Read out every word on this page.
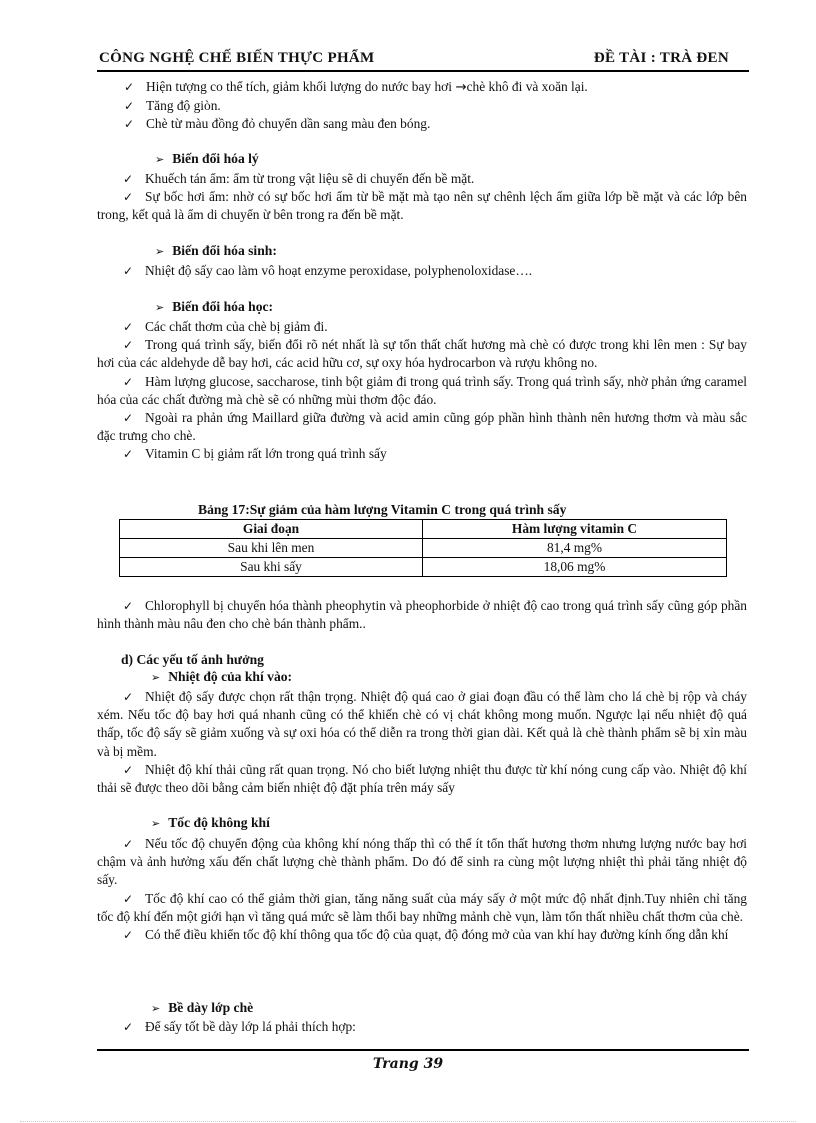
CÔNG NGHỆ CHẾ BIẾN THỰC PHẨM	ĐỀ TÀI : TRÀ ĐEN
✓ Hiện tượng co thể tích, giảm khối lượng do nước bay hơi →chè khô đi và xoăn lại.
✓ Tăng độ giòn.
✓ Chè từ màu đồng đỏ chuyển dần sang màu đen bóng.
➢ Biến đổi hóa lý
✓ Khuếch tán ẩm: ẩm từ trong vật liệu sẽ di chuyển đến bề mặt.
✓ Sự bốc hơi ẩm: nhờ có sự bốc hơi ẩm từ bề mặt mà tạo nên sự chênh lệch ẩm giữa lớp bề mặt và các lớp bên trong, kết quả là ẩm di chuyển ừ bên trong ra đến bề mặt.
➢ Biến đổi hóa sinh:
✓ Nhiệt độ sấy cao làm vô hoạt enzyme peroxidase, polyphenoloxidase….
➢ Biến đổi hóa học:
✓ Các chất thơm của chè bị giảm đi.
✓ Trong quá trình sấy, biến đổi rõ nét nhất là sự tổn thất chất hương mà chè có được trong khi lên men : Sự bay hơi của các aldehyde dễ bay hơi, các acid hữu cơ, sự oxy hóa hydrocarbon và rượu không no.
✓ Hàm lượng glucose, saccharose, tinh bột giảm đi trong quá trình sấy. Trong quá trình sấy, nhờ phản ứng caramel hóa của các chất đường mà chè sẽ có những mùi thơm độc đáo.
✓ Ngoài ra phản ứng Maillard giữa đường và acid amin cũng góp phần hình thành nên hương thơm và màu sắc đặc trưng cho chè.
✓ Vitamin C bị giảm rất lớn trong quá trình sấy
Bảng 17:Sự giảm của hàm lượng Vitamin C trong quá trình sấy
Giai đoạn	Hàm lượng vitamin C
Sau khi lên men	81,4 mg%
Sau khi sấy	18,06 mg%
✓ Chlorophyll bị chuyển hóa thành pheophytin và pheophorbide ở nhiệt độ cao trong quá trình sấy cũng góp phần hình thành màu nâu đen cho chè bán thành phẩm..
d) Các yếu tố ảnh hưởng
➢ Nhiệt độ của khí vào:
✓ Nhiệt độ sấy được chọn rất thận trọng. Nhiệt độ quá cao ở giai đoạn đầu có thể làm cho lá chè bị rộp và cháy xém. Nếu tốc độ bay hơi quá nhanh cũng có thể khiến chè có vị chát không mong muốn. Ngược lại nếu nhiệt độ quá thấp, tốc độ sấy sẽ giảm xuống và sự oxi hóa có thể diễn ra trong thời gian dài. Kết quả là chè thành phẩm sẽ bị xỉn màu và bị mềm.
✓ Nhiệt độ khí thải cũng rất quan trọng. Nó cho biết lượng nhiệt thu được từ khí nóng cung cấp vào. Nhiệt độ khí thải sẽ được theo dõi bằng cảm biến nhiệt độ đặt phía trên máy sấy
➢ Tốc độ không khí
✓ Nếu tốc độ chuyển động của không khí nóng thấp thì có thể ít tổn thất hương thơm nhưng lượng nước bay hơi chậm và ảnh hưởng xấu đến chất lượng chè thành phẩm. Do đó để sinh ra cùng một lượng nhiệt thì phải tăng nhiệt độ sấy.
✓ Tốc độ khí cao có thể giảm thời gian, tăng năng suất của máy sấy ở một mức độ nhất định.Tuy nhiên chỉ tăng tốc độ khí đến một giới hạn vì tăng quá mức sẽ làm thổi bay những mảnh chè vụn, làm tổn thất nhiều chất thơm của chè.
✓ Có thể điều khiển tốc độ khí thông qua tốc độ của quạt, độ đóng mở của van khí hay đường kính ống dẫn khí
➢ Bề dày lớp chè
✓ Để sấy tốt bề dày lớp lá phải thích hợp:
Trang 39
